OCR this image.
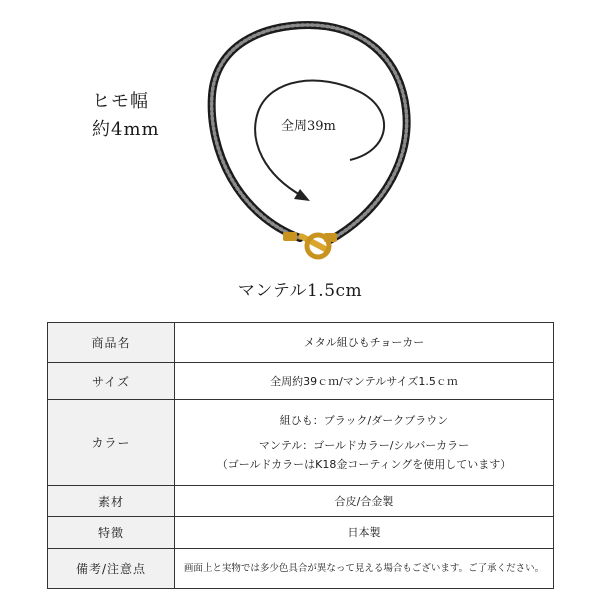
ヒモ幅
約4mm	全周39m
マンテル1.5cm
商品名	メタル組ひもチョーカー

サイズ	全周約39ｃｍ/マンテルサイズ1.5ｃｍ

カラー	組ひも：ブラック/ダークブラウン
マンテル：ゴールドカラー/シルバーカラー
（ゴールドカラーはK18金コーティングを使用しています）

素材	合皮/合金製

特徴	日本製

備考/注意点	画面上と実物では多少色具合が異なって見える場合もございます。ご了承ください。
